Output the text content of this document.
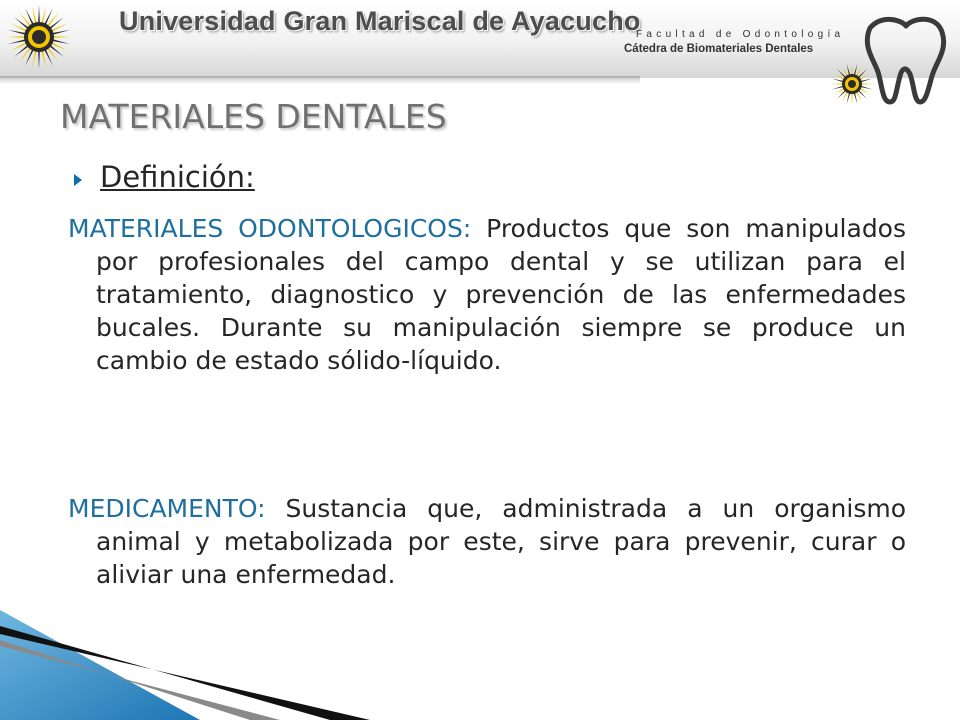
Universidad Gran Mariscal de Ayacucho
Facultad de Odontología
Cátedra de Biomateriales Dentales
MATERIALES DENTALES
Definición:

MATERIALES ODONTOLOGICOS: Productos que son manipulados por profesionales del campo dental y se utilizan para el tratamiento, diagnostico y prevención de las enfermedades bucales. Durante su manipulación siempre se produce un cambio de estado sólido-líquido.

MEDICAMENTO: Sustancia que, administrada a un organismo animal y metabolizada por este, sirve para prevenir, curar o aliviar una enfermedad.
